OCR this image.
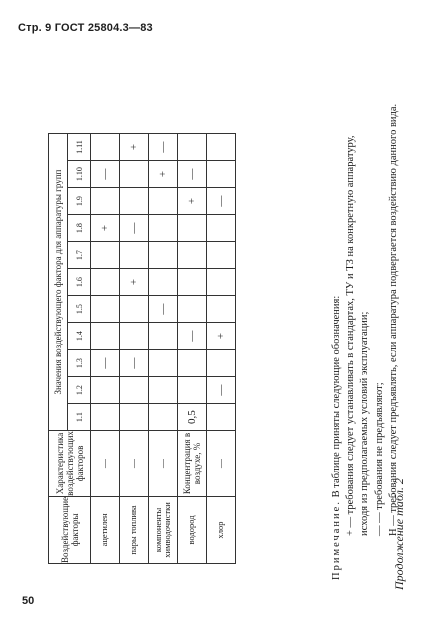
Стр. 9 ГОСТ 25804.3—83
50
Продолжение табл. 2
Воздействующие факторы	Характеристика воздействующих факторов	Значения воздействующего фактора для аппаратуры групп										
		1.1	1.2	1.3	1.4	1.5	1.6	1.7	1.8	1.9	1.10	1.11
ацетилен	—			—					+		—	
пары топлива	—			—			+		—			+
компоненты химводочистки	—					—					+	—
водород	Концентрация в воздухе, %	0,5			—					+	—	
хлор	—		—		+					—		
Примечание. В таблице приняты следующие обозначения: + — требования следует устанавливать в стандартах, ТУ и ТЗ на конкретную аппаратуру, исходя из предполагаемых условий эксплуатации; — — требования не предъявляют; Н — требования следует предъявлять, если аппаратура подвергается воздействию данного вида.
